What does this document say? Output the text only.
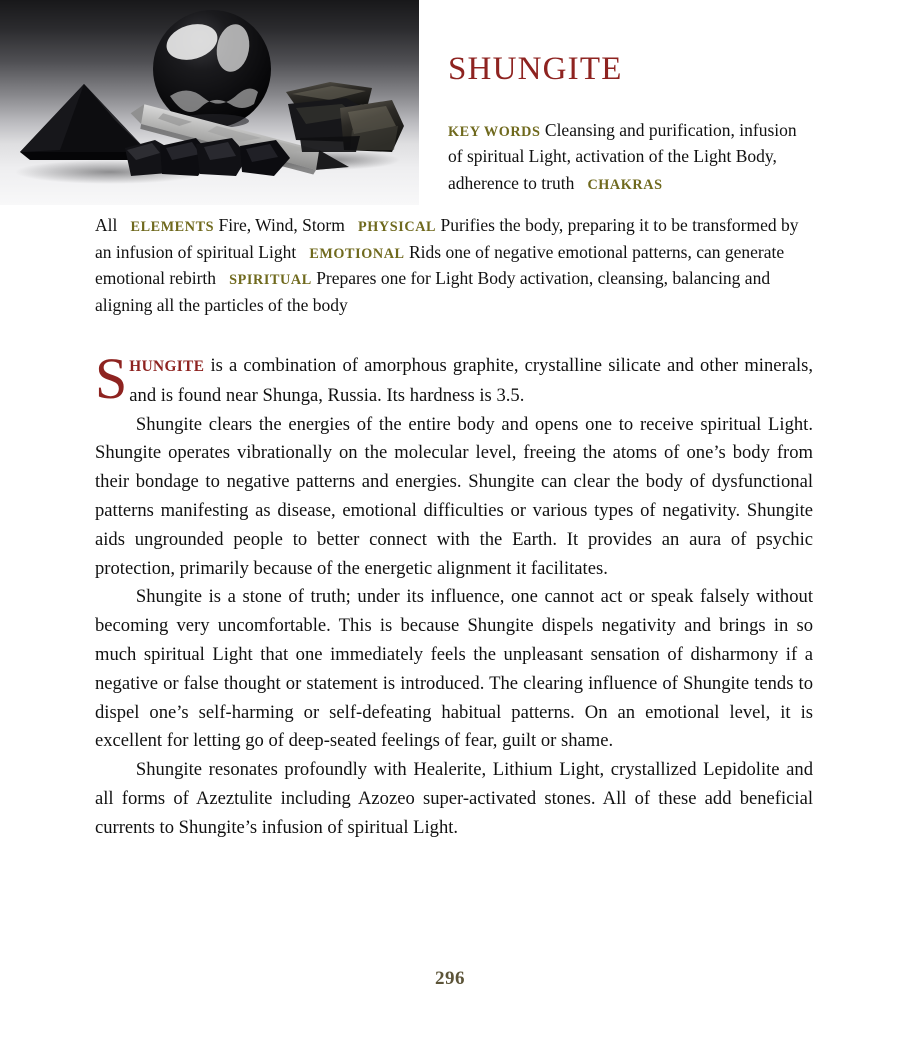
SHUNGITE
KEY WORDS Cleansing and purification, infusion of spiritual Light, activation of the Light Body, adherence to truth CHAKRAS
All ELEMENTS Fire, Wind, Storm PHYSICAL Purifies the body, preparing it to be transformed by an infusion of spiritual Light EMOTIONAL Rids one of negative emotional patterns, can generate emotional rebirth SPIRITUAL Prepares one for Light Body activation, cleansing, balancing and aligning all the particles of the body

SHUNGITE is a combination of amorphous graphite, crystalline silicate and other minerals, and is found near Shunga, Russia. Its hardness is 3.5.

Shungite clears the energies of the entire body and opens one to receive spiritual Light. Shungite operates vibrationally on the molecular level, freeing the atoms of one’s body from their bondage to negative patterns and energies. Shungite can clear the body of dysfunctional patterns manifesting as disease, emotional difficulties or various types of negativity. Shungite aids ungrounded people to better connect with the Earth. It provides an aura of psychic protection, primarily because of the energetic alignment it facilitates.

Shungite is a stone of truth; under its influence, one cannot act or speak falsely without becoming very uncomfortable. This is because Shungite dispels negativity and brings in so much spiritual Light that one immediately feels the unpleasant sensation of disharmony if a negative or false thought or statement is introduced. The clearing influence of Shungite tends to dispel one’s self-harming or self-defeating habitual patterns. On an emotional level, it is excellent for letting go of deep-seated feelings of fear, guilt or shame.

Shungite resonates profoundly with Healerite, Lithium Light, crystallized Lepidolite and all forms of Azeztulite including Azozeo super-activated stones. All of these add beneficial currents to Shungite’s infusion of spiritual Light.

296
